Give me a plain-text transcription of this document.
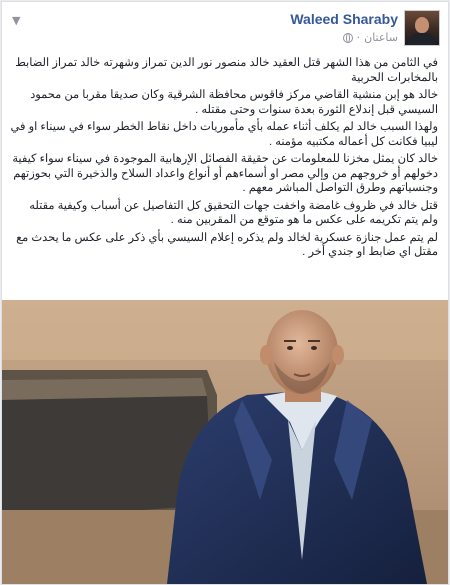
Waleed Sharaby
ساعتان
·
▼

في الثامن من هذا الشهر قتل العقيد خالد منصور نور الدين تمراز وشهرته خالد تمراز الضابط بالمخابرات الحربية

خالد هو إبن منشية القاضي مركز فاقوس محافظة الشرقية وكان صديقا مقربا من محمود السيسي قبل إندلاع الثورة بعدة سنوات وحتى مقتله .

ولهذا السبب خالد لم يكلف أثناء عمله بأي مأموريات داخل نقاط الخطر سواء في سيناء او في ليبيا فكانت كل أعماله مكتبيه مؤمنه .

خالد كان يمثل مخزنا للمعلومات عن حقيقة الفصائل الإرهابية الموجودة في سيناء سواء كيفية دخولهم أو خروجهم من وإلي مصر او أسماءهم أو أنواع واعداد السلاح والذخيرة التي بحوزتهم وجنسياتهم وطرق التواصل المباشر معهم .

قتل خالد في ظروف غامضة واخفت جهات التحقيق كل التفاصيل عن أسباب وكيفية مقتله ولم يتم تكريمه على عكس ما هو متوقع من المقربين منه .

لم يتم عمل جنازة عسكرية لخالد ولم يذكره إعلام السيسي بأي ذكر على عكس ما يحدث مع مقتل اي ضابط او جندي أخر .
